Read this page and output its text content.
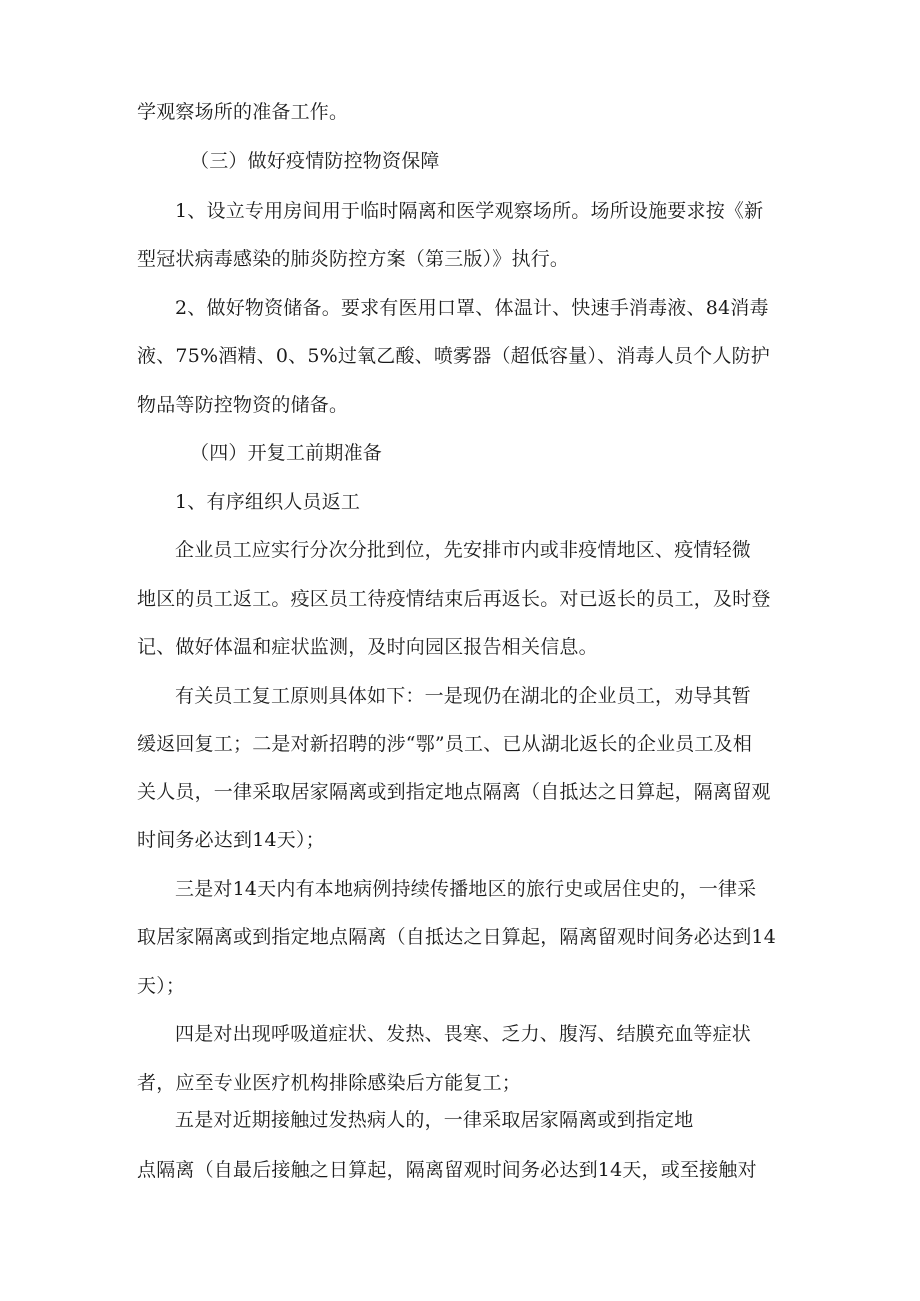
学观察场所的准备工作。
（三）做好疫情防控物资保障
1、设立专用房间用于临时隔离和医学观察场所。场所设施要求按《新
型冠状病毒感染的肺炎防控方案（第三版）》执行。
2、做好物资储备。要求有医用口罩、体温计、快速手消毒液、84消毒
液、75%酒精、0、5%过氧乙酸、喷雾器（超低容量）、消毒人员个人防护
物品等防控物资的储备。
（四）开复工前期准备
1、有序组织人员返工
企业员工应实行分次分批到位，先安排市内或非疫情地区、疫情轻微
地区的员工返工。疫区员工待疫情结束后再返长。对已返长的员工，及时登
记、做好体温和症状监测，及时向园区报告相关信息。
有关员工复工原则具体如下：一是现仍在湖北的企业员工，劝导其暂
缓返回复工；二是对新招聘的涉“鄂”员工、已从湖北返长的企业员工及相
关人员，一律采取居家隔离或到指定地点隔离（自抵达之日算起，隔离留观
时间务必达到14天）；
三是对14天内有本地病例持续传播地区的旅行史或居住史的，一律采
取居家隔离或到指定地点隔离（自抵达之日算起，隔离留观时间务必达到14
天）；
四是对出现呼吸道症状、发热、畏寒、乏力、腹泻、结膜充血等症状
者，应至专业医疗机构排除感染后方能复工；
五是对近期接触过发热病人的，一律采取居家隔离或到指定地
点隔离（自最后接触之日算起，隔离留观时间务必达到14天，或至接触对
